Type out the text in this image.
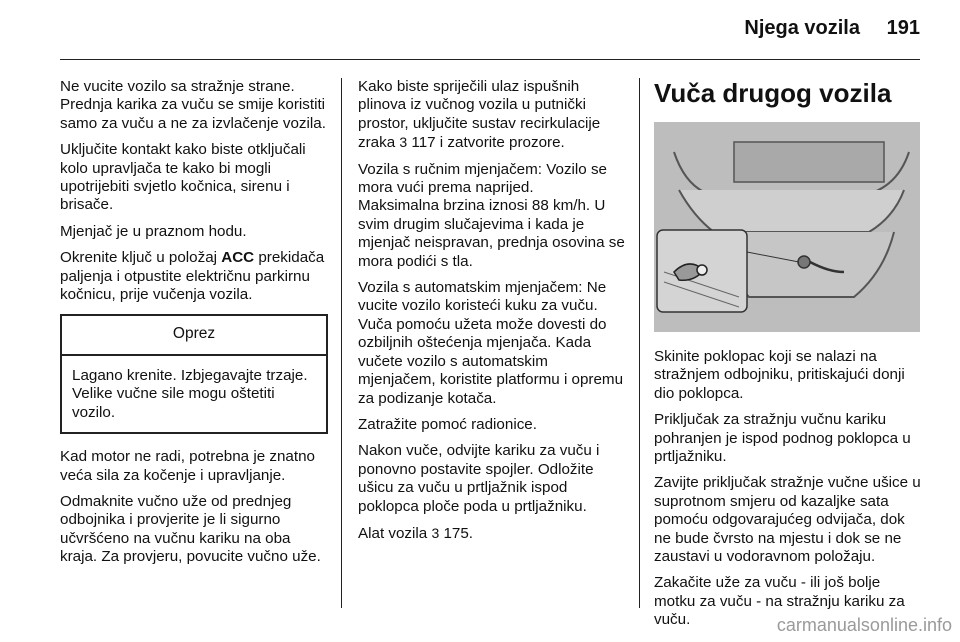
Njega vozila 191

Ne vucite vozilo sa stražnje strane. Prednja karika za vuču se smije koristiti samo za vuču a ne za izvlačenje vozila.

Uključite kontakt kako biste otključali kolo upravljača te kako bi mogli upotrijebiti svjetlo kočnica, sirenu i brisače.

Mjenjač je u praznom hodu.

Okrenite ključ u položaj ACC prekidača paljenja i otpustite električnu parkirnu kočnicu, prije vučenja vozila.

Oprez
Lagano krenite. Izbjegavajte trzaje. Velike vučne sile mogu oštetiti vozilo.

Kad motor ne radi, potrebna je znatno veća sila za kočenje i upravljanje.

Odmaknite vučno uže od prednjeg odbojnika i provjerite je li sigurno učvršćeno na vučnu kariku na oba kraja. Za provjeru, povucite vučno uže.

Kako biste spriječili ulaz ispušnih plinova iz vučnog vozila u putnički prostor, uključite sustav recirkulacije zraka 3 117 i zatvorite prozore.

Vozila s ručnim mjenjačem: Vozilo se mora vući prema naprijed.

Maksimalna brzina iznosi 88 km/h. U svim drugim slučajevima i kada je mjenjač neispravan, prednja osovina se mora podići s tla.

Vozila s automatskim mjenjačem: Ne vucite vozilo koristeći kuku za vuču. Vuča pomoću užeta može dovesti do ozbiljnih oštećenja mjenjača. Kada vučete vozilo s automatskim mjenjačem, koristite platformu i opremu za podizanje kotača.

Zatražite pomoć radionice.

Nakon vuče, odvijte kariku za vuču i ponovno postavite spojler. Odložite ušicu za vuču u prtljažnik ispod poklopca ploče poda u prtljažniku.

Alat vozila 3 175.

Vuča drugog vozila

Skinite poklopac koji se nalazi na stražnjem odbojniku, pritiskajući donji dio poklopca.

Priključak za stražnju vučnu kariku pohranjen je ispod podnog poklopca u prtljažniku.

Zavijte priključak stražnje vučne ušice u suprotnom smjeru od kazaljke sata pomoću odgovarajućeg odvijača, dok ne bude čvrsto na mjestu i dok se ne zaustavi u vodoravnom položaju.

Zakačite uže za vuču - ili još bolje motku za vuču - na stražnju kariku za vuču.	carmanualsonline.info
